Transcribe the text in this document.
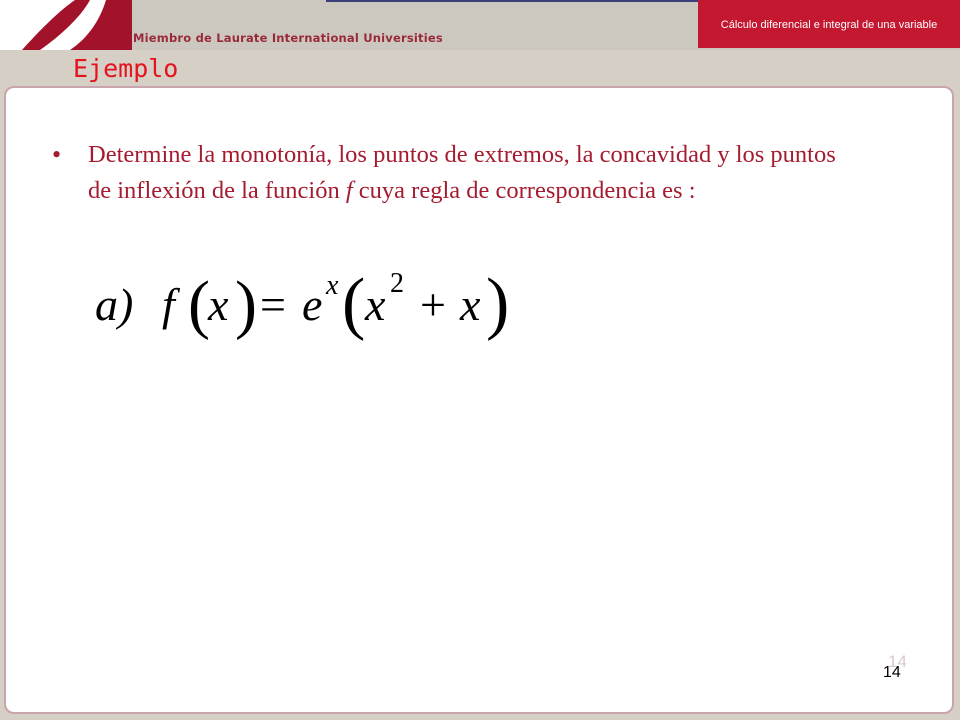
Miembro de Laurate International Universities
Cálculo diferencial e integral de una variable
Ejemplo
• Determine la monotonía, los puntos de extremos, la concavidad y los puntos de inflexión de la función f cuya regla de correspondencia es :
a) f (
x ) = e x ( x 2 + x )
14
14
